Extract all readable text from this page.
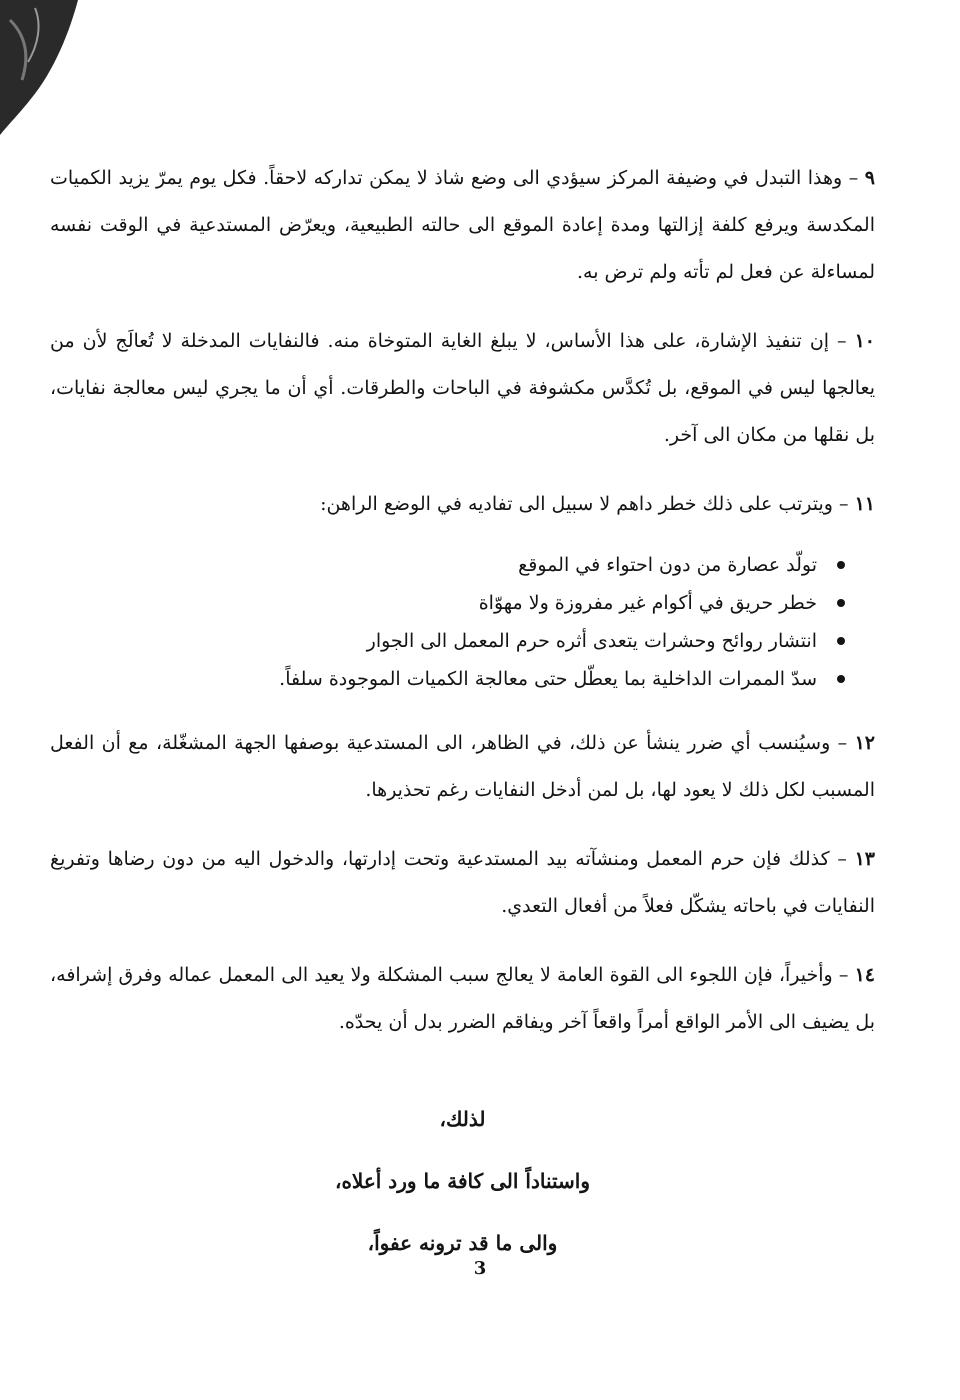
٩ – وهذا التبدل في وضيفة المركز سيؤدي الى وضع شاذ لا يمكن تداركه لاحقاً. فكل يوم يمرّ يزيد الكميات المكدسة ويرفع كلفة إزالتها ومدة إعادة الموقع الى حالته الطبيعية، ويعرّض المستدعية في الوقت نفسه لمساءلة عن فعل لم تأته ولم ترض به.

١٠ – إن تنفيذ الإشارة، على هذا الأساس، لا يبلغ الغاية المتوخاة منه. فالنفايات المدخلة لا تُعالَج لأن من يعالجها ليس في الموقع، بل تُكدَّس مكشوفة في الباحات والطرقات. أي أن ما يجري ليس معالجة نفايات، بل نقلها من مكان الى آخر.

١١ – ويترتب على ذلك خطر داهم لا سبيل الى تفاديه في الوضع الراهن:

تولّد عصارة من دون احتواء في الموقع
خطر حريق في أكوام غير مفروزة ولا مهوّاة
انتشار روائح وحشرات يتعدى أثره حرم المعمل الى الجوار
سدّ الممرات الداخلية بما يعطّل حتى معالجة الكميات الموجودة سلفاً.

١٢ – وسيُنسب أي ضرر ينشأ عن ذلك، في الظاهر، الى المستدعية بوصفها الجهة المشغّلة، مع أن الفعل المسبب لكل ذلك لا يعود لها، بل لمن أدخل النفايات رغم تحذيرها.

١٣ – كذلك فإن حرم المعمل ومنشآته بيد المستدعية وتحت إدارتها، والدخول اليه من دون رضاها وتفريغ النفايات في باحاته يشكّل فعلاً من أفعال التعدي.

١٤ – وأخيراً، فإن اللجوء الى القوة العامة لا يعالج سبب المشكلة ولا يعيد الى المعمل عماله وفرق إشرافه، بل يضيف الى الأمر الواقع أمراً واقعاً آخر ويفاقم الضرر بدل أن يحدّه.

لذلك،

واستناداً الى كافة ما ورد أعلاه،

والى ما قد ترونه عفواً،

3
